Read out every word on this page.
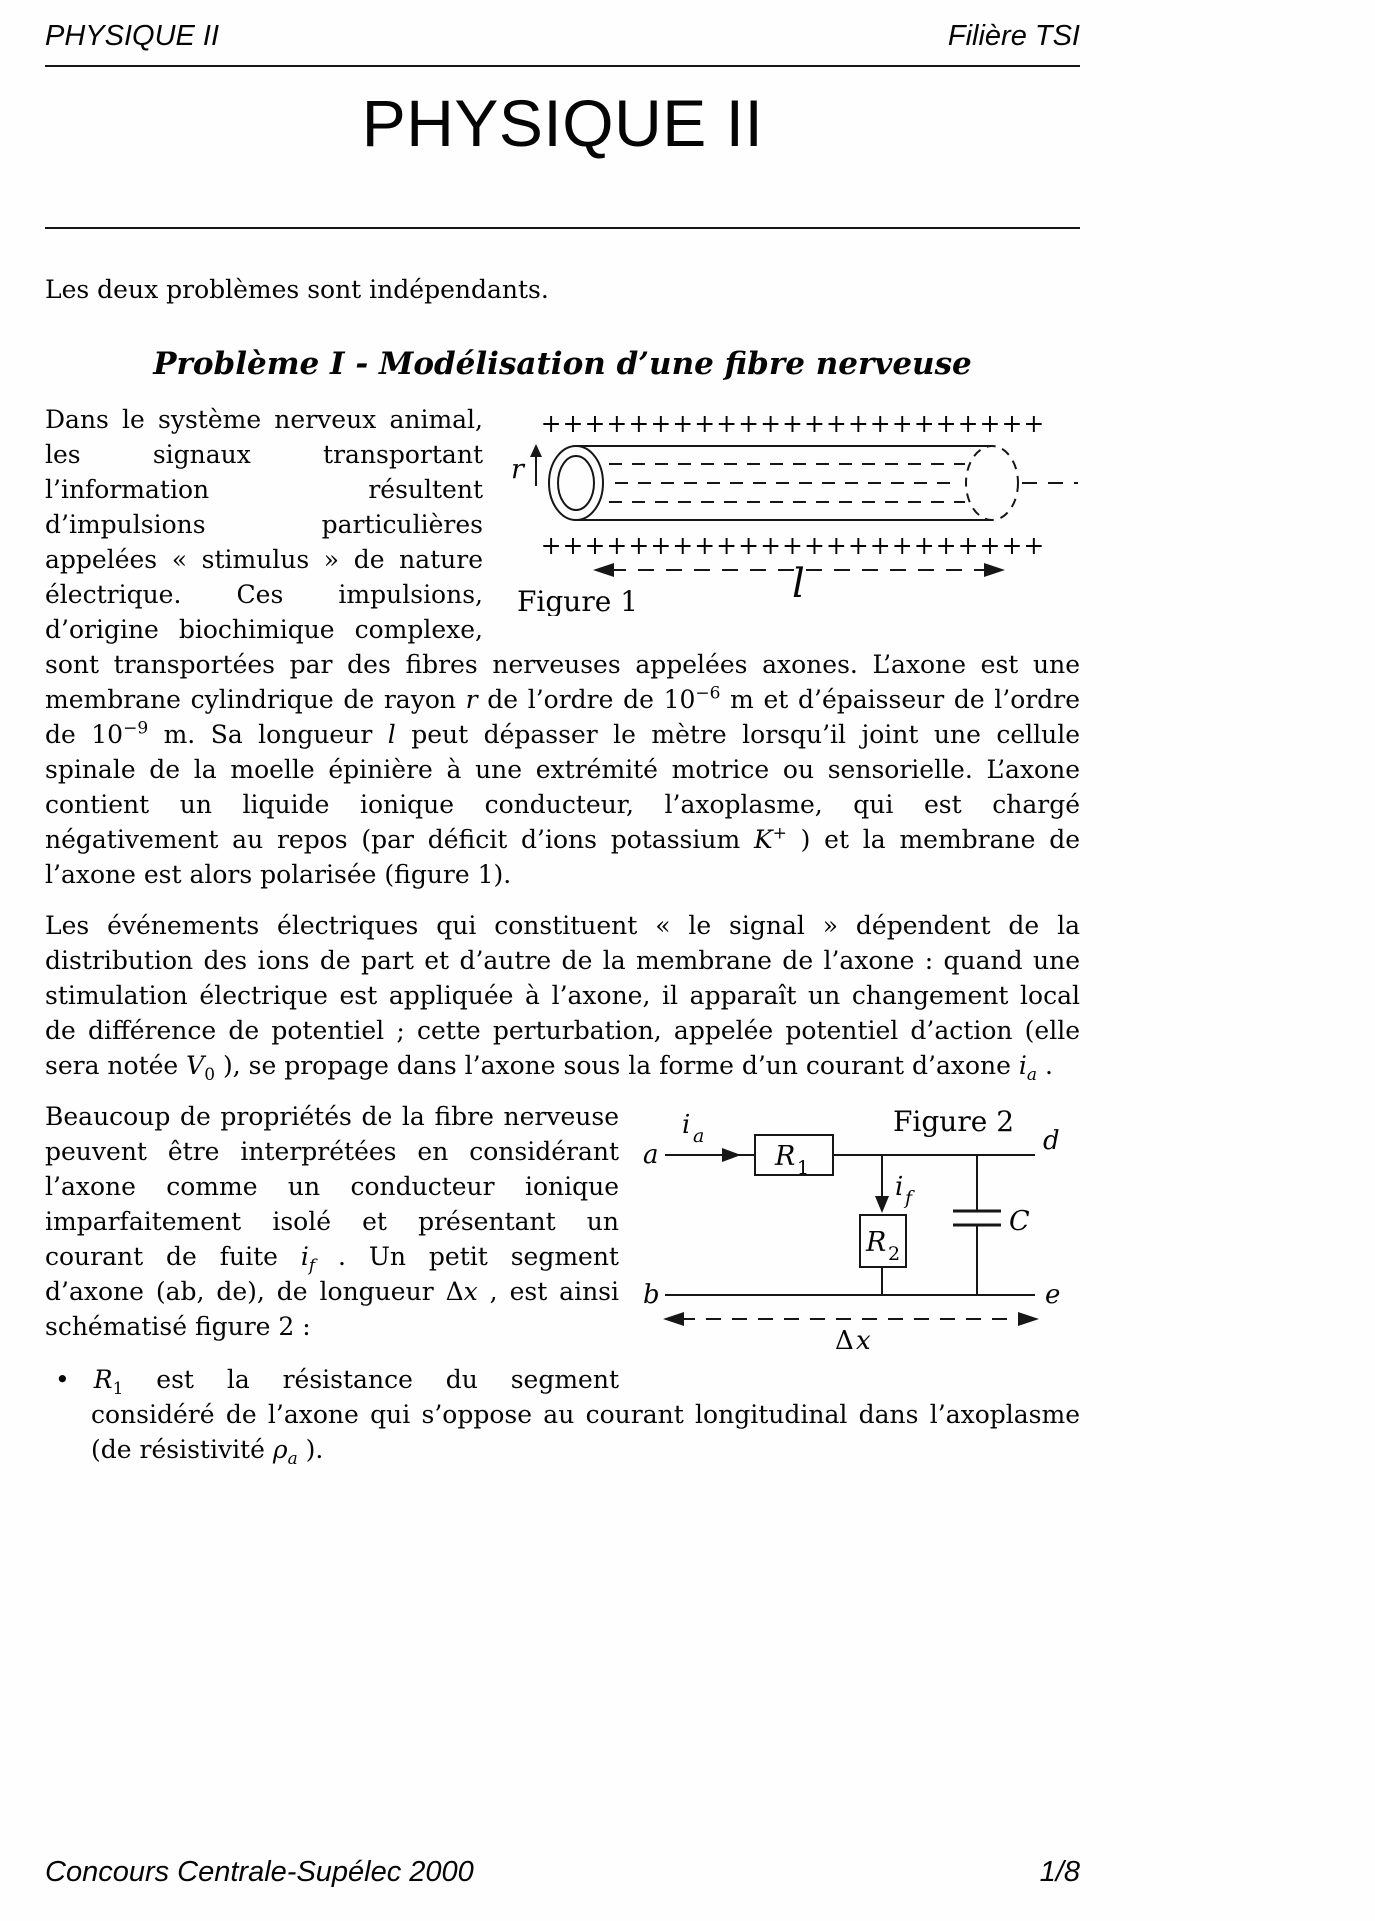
PHYSIQUE II	Filière TSI
PHYSIQUE II

Les deux problèmes sont indépendants.

Problème I - Modélisation d’une fibre nerveuse
+++++++++++++++++++++++
r
+++++++++++++++++++++++
l
Figure 1
Dans le système nerveux animal, les signaux transportant l’information résultent d’impulsions particulières appelées « stimulus » de nature électrique. Ces impulsions, d’origine biochimique complexe, sont transportées par des fibres nerveuses appelées axones. L’axone est une membrane cylindrique de rayon r de l’ordre de $10^{-6}$ m et d’épaisseur de l’ordre de $10^{-9}$ m. Sa longueur l peut dépasser le mètre lorsqu’il joint une cellule spinale de la moelle épinière à une extrémité motrice ou sensorielle. L’axone contient un liquide ionique conducteur, l’axoplasme, qui est chargé négativement au repos (par déficit d’ions potassium K+ ) et la membrane de l’axone est alors polarisée (figure 1).
Les événements électriques qui constituent « le signal » dépendent de la distribution des ions de part et d’autre de la membrane de l’axone : quand une stimulation électrique est appliquée à l’axone, il apparaît un changement local de différence de potentiel ; cette perturbation, appelée potentiel d’action (elle sera notée $V_0$ ), se propage dans l’axone sous la forme d’un courant d’axone $i_a$ .
Figure 2
a
i a
R 1
d
i f
R 2
C
b	e
Δ x
Beaucoup de propriétés de la fibre nerveuse peuvent être interprétées en considérant l’axone comme un conducteur ionique imparfaitement isolé et présentant un courant de fuite $i_f$ . Un petit segment d’axone (ab, de), de longueur Δx , est ainsi schématisé figure 2 :

• $R_1$ est la résistance du segment considéré de l’axone qui s’oppose au courant longitudinal dans l’axoplasme (de résistivité $\rho_a$ ).

Concours Centrale-Supélec 2000	1/8
